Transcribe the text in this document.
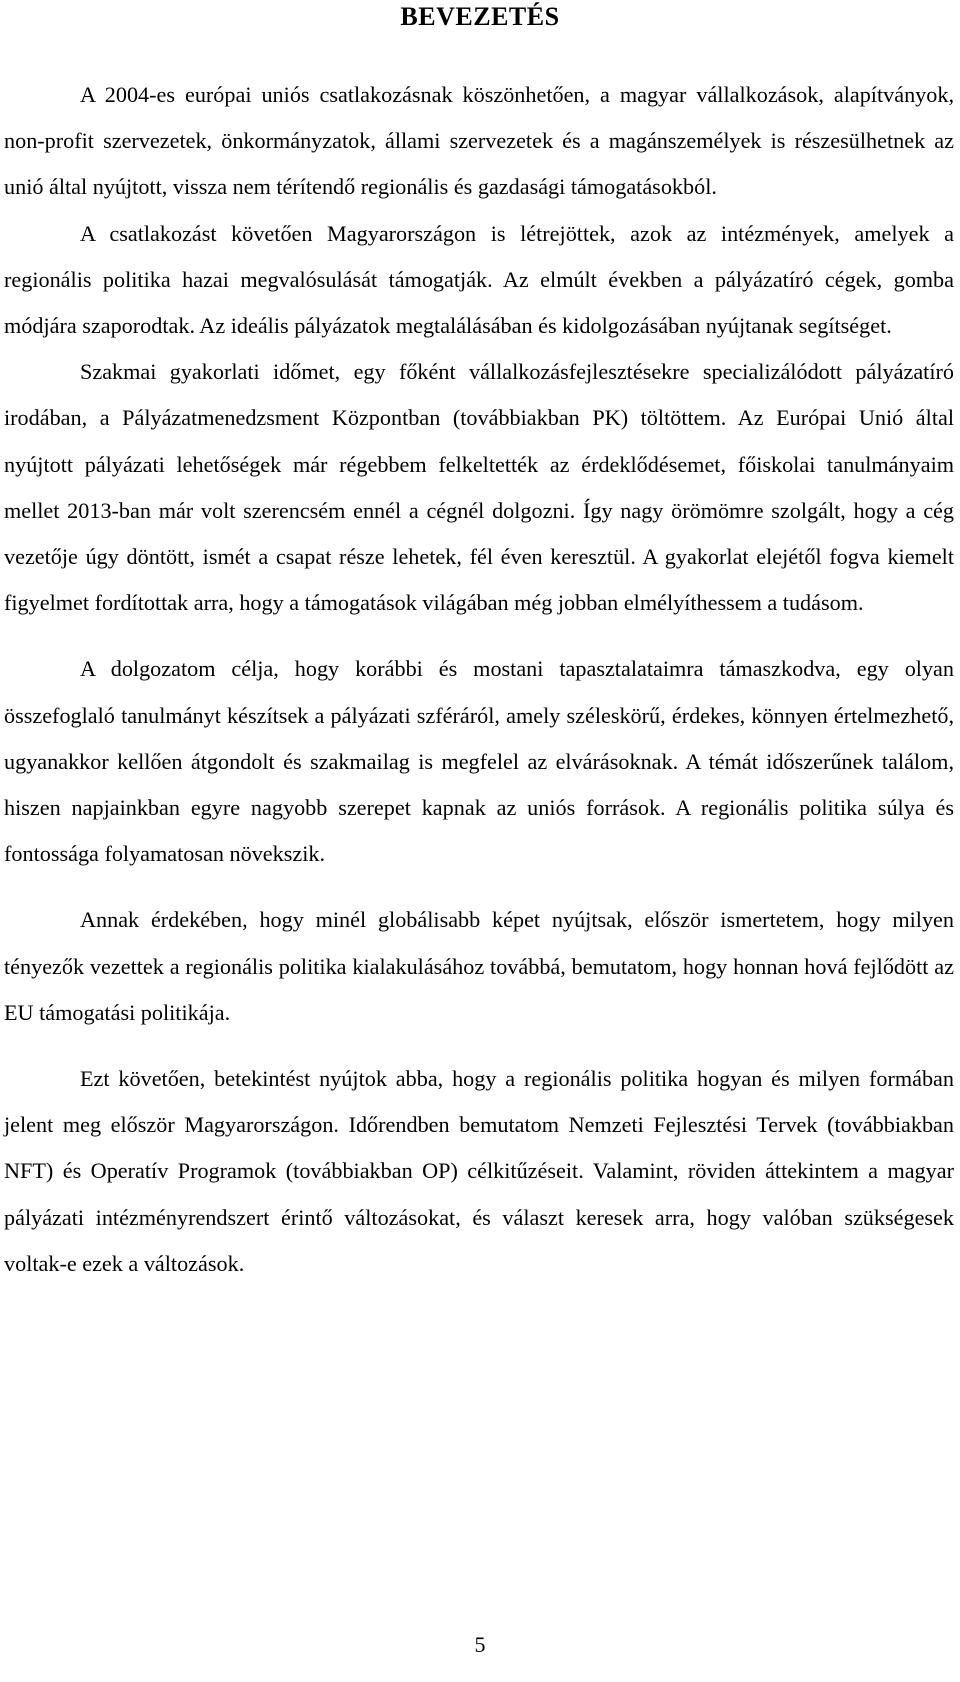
BEVEZETÉS

A 2004-es európai uniós csatlakozásnak köszönhetően, a magyar vállalkozások, alapítványok, non-profit szervezetek, önkormányzatok, állami szervezetek és a magánszemélyek is részesülhetnek az unió által nyújtott, vissza nem térítendő regionális és gazdasági támogatásokból.

A csatlakozást követően Magyarországon is létrejöttek, azok az intézmények, amelyek a regionális politika hazai megvalósulását támogatják. Az elmúlt években a pályázatíró cégek, gomba módjára szaporodtak. Az ideális pályázatok megtalálásában és kidolgozásában nyújtanak segítséget.

Szakmai gyakorlati időmet, egy főként vállalkozásfejlesztésekre specializálódott pályázatíró irodában, a Pályázatmenedzsment Központban (továbbiakban PK) töltöttem. Az Európai Unió által nyújtott pályázati lehetőségek már régebbem felkeltették az érdeklődésemet, főiskolai tanulmányaim mellet 2013-ban már volt szerencsém ennél a cégnél dolgozni. Így nagy örömömre szolgált, hogy a cég vezetője úgy döntött, ismét a csapat része lehetek, fél éven keresztül. A gyakorlat elejétől fogva kiemelt figyelmet fordítottak arra, hogy a támogatások világában még jobban elmélyíthessem a tudásom.

A dolgozatom célja, hogy korábbi és mostani tapasztalataimra támaszkodva, egy olyan összefoglaló tanulmányt készítsek a pályázati szféráról, amely széleskörű, érdekes, könnyen értelmezhető, ugyanakkor kellően átgondolt és szakmailag is megfelel az elvárásoknak. A témát időszerűnek találom, hiszen napjainkban egyre nagyobb szerepet kapnak az uniós források. A regionális politika súlya és fontossága folyamatosan növekszik.

Annak érdekében, hogy minél globálisabb képet nyújtsak, először ismertetem, hogy milyen tényezők vezettek a regionális politika kialakulásához továbbá, bemutatom, hogy honnan hová fejlődött az EU támogatási politikája.

Ezt követően, betekintést nyújtok abba, hogy a regionális politika hogyan és milyen formában jelent meg először Magyarországon. Időrendben bemutatom Nemzeti Fejlesztési Tervek (továbbiakban NFT) és Operatív Programok (továbbiakban OP) célkitűzéseit. Valamint, röviden áttekintem a magyar pályázati intézményrendszert érintő változásokat, és választ keresek arra, hogy valóban szükségesek voltak-e ezek a változások.

5
